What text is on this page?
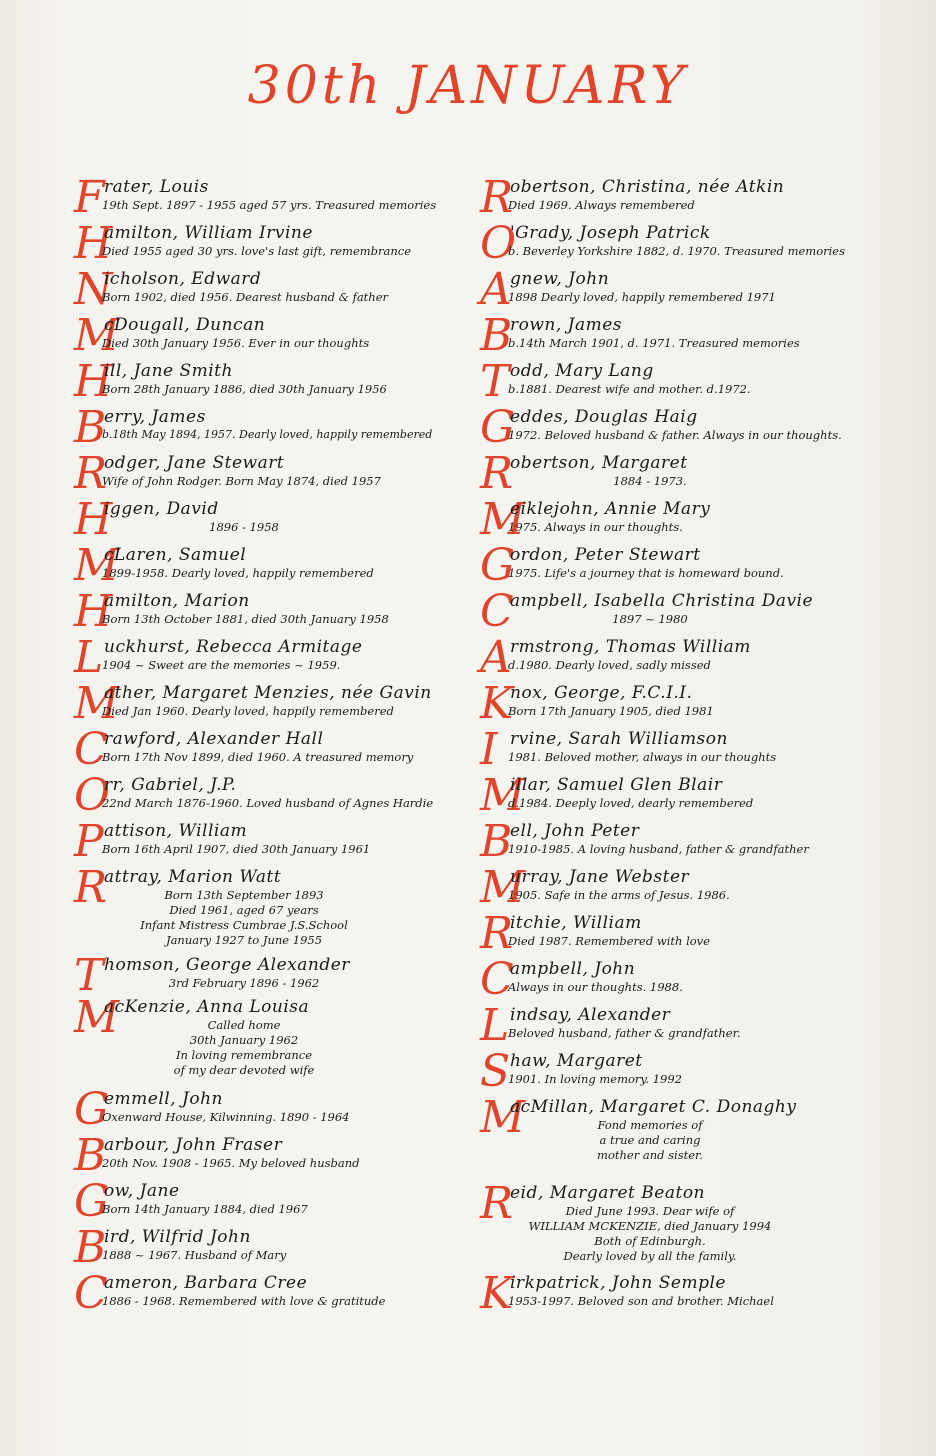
30th JANUARY
F rater, Louis
19th Sept. 1897 - 1955 aged 57 yrs. Treasured memories
H
amilton, William Irvine
Died 1955 aged 30 yrs. love's last gift, remembrance
N
icholson, Edward
Born 1902, died 1956. Dearest husband & father
M
cDougall, Duncan
Died 30th January 1956. Ever in our thoughts
H
ill, Jane Smith
Born 28th January 1886, died 30th January 1956
B
erry, James
b.18th May 1894, 1957. Dearly loved, happily remembered
R
odger, Jane Stewart
Wife of John Rodger. Born May 1874, died 1957
H
iggen, David
1896 - 1958
M
cLaren, Samuel
1899-1958. Dearly loved, happily remembered
H
amilton, Marion
Born 13th October 1881, died 30th January 1958
L uckhurst, Rebecca Armitage
1904 ~ Sweet are the memories ~ 1959.
M
ather, Margaret Menzies, née Gavin
Died Jan 1960. Dearly loved, happily remembered
C
rawford, Alexander Hall
Born 17th Nov 1899, died 1960. A treasured memory
O
rr, Gabriel, J.P.
22nd March 1876-1960. Loved husband of Agnes Hardie
P attison, William
Born 16th April 1907, died 30th January 1961
R
attray, Marion Watt
Born 13th September 1893
Died 1961, aged 67 years
Infant Mistress Cumbrae J.S.School
January 1927 to June 1955
T homson, George Alexander
3rd February 1896 - 1962
M
acKenzie, Anna Louisa
Called home
30th January 1962
In loving remembrance
of my dear devoted wife
G
emmell, John
Oxenward House, Kilwinning. 1890 - 1964
B
arbour, John Fraser
20th Nov. 1908 - 1965. My beloved husband
G
ow, Jane
Born 14th January 1884, died 1967
B
ird, Wilfrid John
1888 ~ 1967. Husband of Mary
C
ameron, Barbara Cree
1886 - 1968. Remembered with love & gratitude
R
obertson, Christina, née Atkin
Died 1969. Always remembered
O
'Grady, Joseph Patrick
b. Beverley Yorkshire 1882, d. 1970. Treasured memories
A
gnew, John
1898 Dearly loved, happily remembered 1971
B
rown, James
b.14th March 1901, d. 1971. Treasured memories
T odd, Mary Lang
b.1881. Dearest wife and mother. d.1972.
G
eddes, Douglas Haig
1972. Beloved husband & father. Always in our thoughts.
R
obertson, Margaret
1884 - 1973.
M
eiklejohn, Annie Mary
1975. Always in our thoughts.
G
ordon, Peter Stewart
1975. Life's a journey that is homeward bound.
C
ampbell, Isabella Christina Davie
1897 ~ 1980
A
rmstrong, Thomas William
d.1980. Dearly loved, sadly missed
K
nox, George, F.C.I.I.
Born 17th January 1905, died 1981
I rvine, Sarah Williamson
1981. Beloved mother, always in our thoughts
M
illar, Samuel Glen Blair
d.1984. Deeply loved, dearly remembered
B
ell, John Peter
1910-1985. A loving husband, father & grandfather
M
urray, Jane Webster
1905. Safe in the arms of Jesus. 1986.
R
itchie, William
Died 1987. Remembered with love
C
ampbell, John
Always in our thoughts. 1988.
L indsay, Alexander
Beloved husband, father & grandfather.
S haw, Margaret
1901. In loving memory. 1992
M
acMillan, Margaret C. Donaghy
Fond memories of
a true and caring
mother and sister.
R
eid, Margaret Beaton
Died June 1993. Dear wife of
WILLIAM MCKENZIE, died January 1994
Both of Edinburgh.
Dearly loved by all the family.
K
irkpatrick, John Semple
1953-1997. Beloved son and brother. Michael
